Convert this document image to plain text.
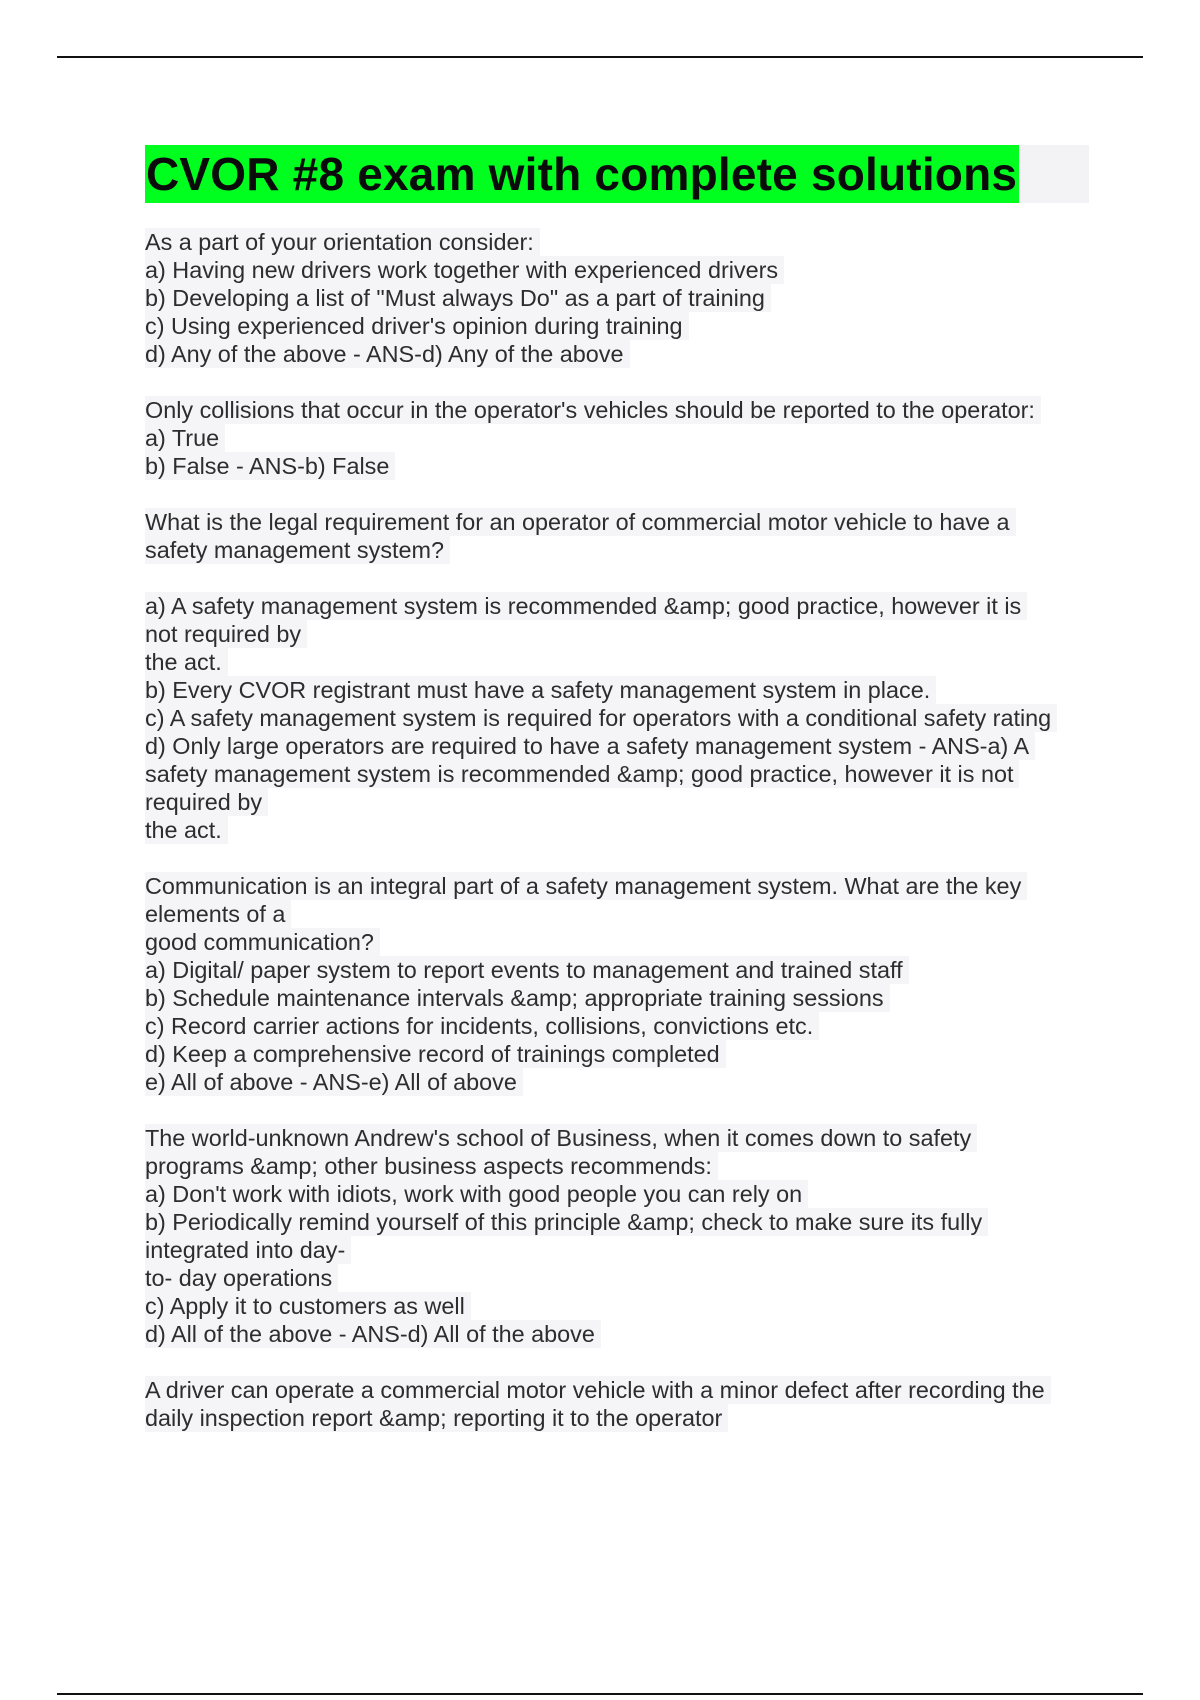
CVOR #8 exam with complete solutions
As a part of your orientation consider:
a) Having new drivers work together with experienced drivers
b) Developing a list of "Must always Do" as a part of training
c) Using experienced driver's opinion during training
d) Any of the above - ANS-d) Any of the above
Only collisions that occur in the operator's vehicles should be reported to the operator:
a) True
b) False - ANS-b) False
What is the legal requirement for an operator of commercial motor vehicle to have a
safety management system?
a) A safety management system is recommended &amp; good practice, however it is
not required by
the act.
b) Every CVOR registrant must have a safety management system in place.
c) A safety management system is required for operators with a conditional safety rating
d) Only large operators are required to have a safety management system - ANS-a) A
safety management system is recommended &amp; good practice, however it is not
required by
the act.
Communication is an integral part of a safety management system. What are the key
elements of a
good communication?
a) Digital/ paper system to report events to management and trained staff
b) Schedule maintenance intervals &amp; appropriate training sessions
c) Record carrier actions for incidents, collisions, convictions etc.
d) Keep a comprehensive record of trainings completed
e) All of above - ANS-e) All of above
The world-unknown Andrew's school of Business, when it comes down to safety
programs &amp; other business aspects recommends:
a) Don't work with idiots, work with good people you can rely on
b) Periodically remind yourself of this principle &amp; check to make sure its fully
integrated into day-
to- day operations
c) Apply it to customers as well
d) All of the above - ANS-d) All of the above
A driver can operate a commercial motor vehicle with a minor defect after recording the
daily inspection report &amp; reporting it to the operator
